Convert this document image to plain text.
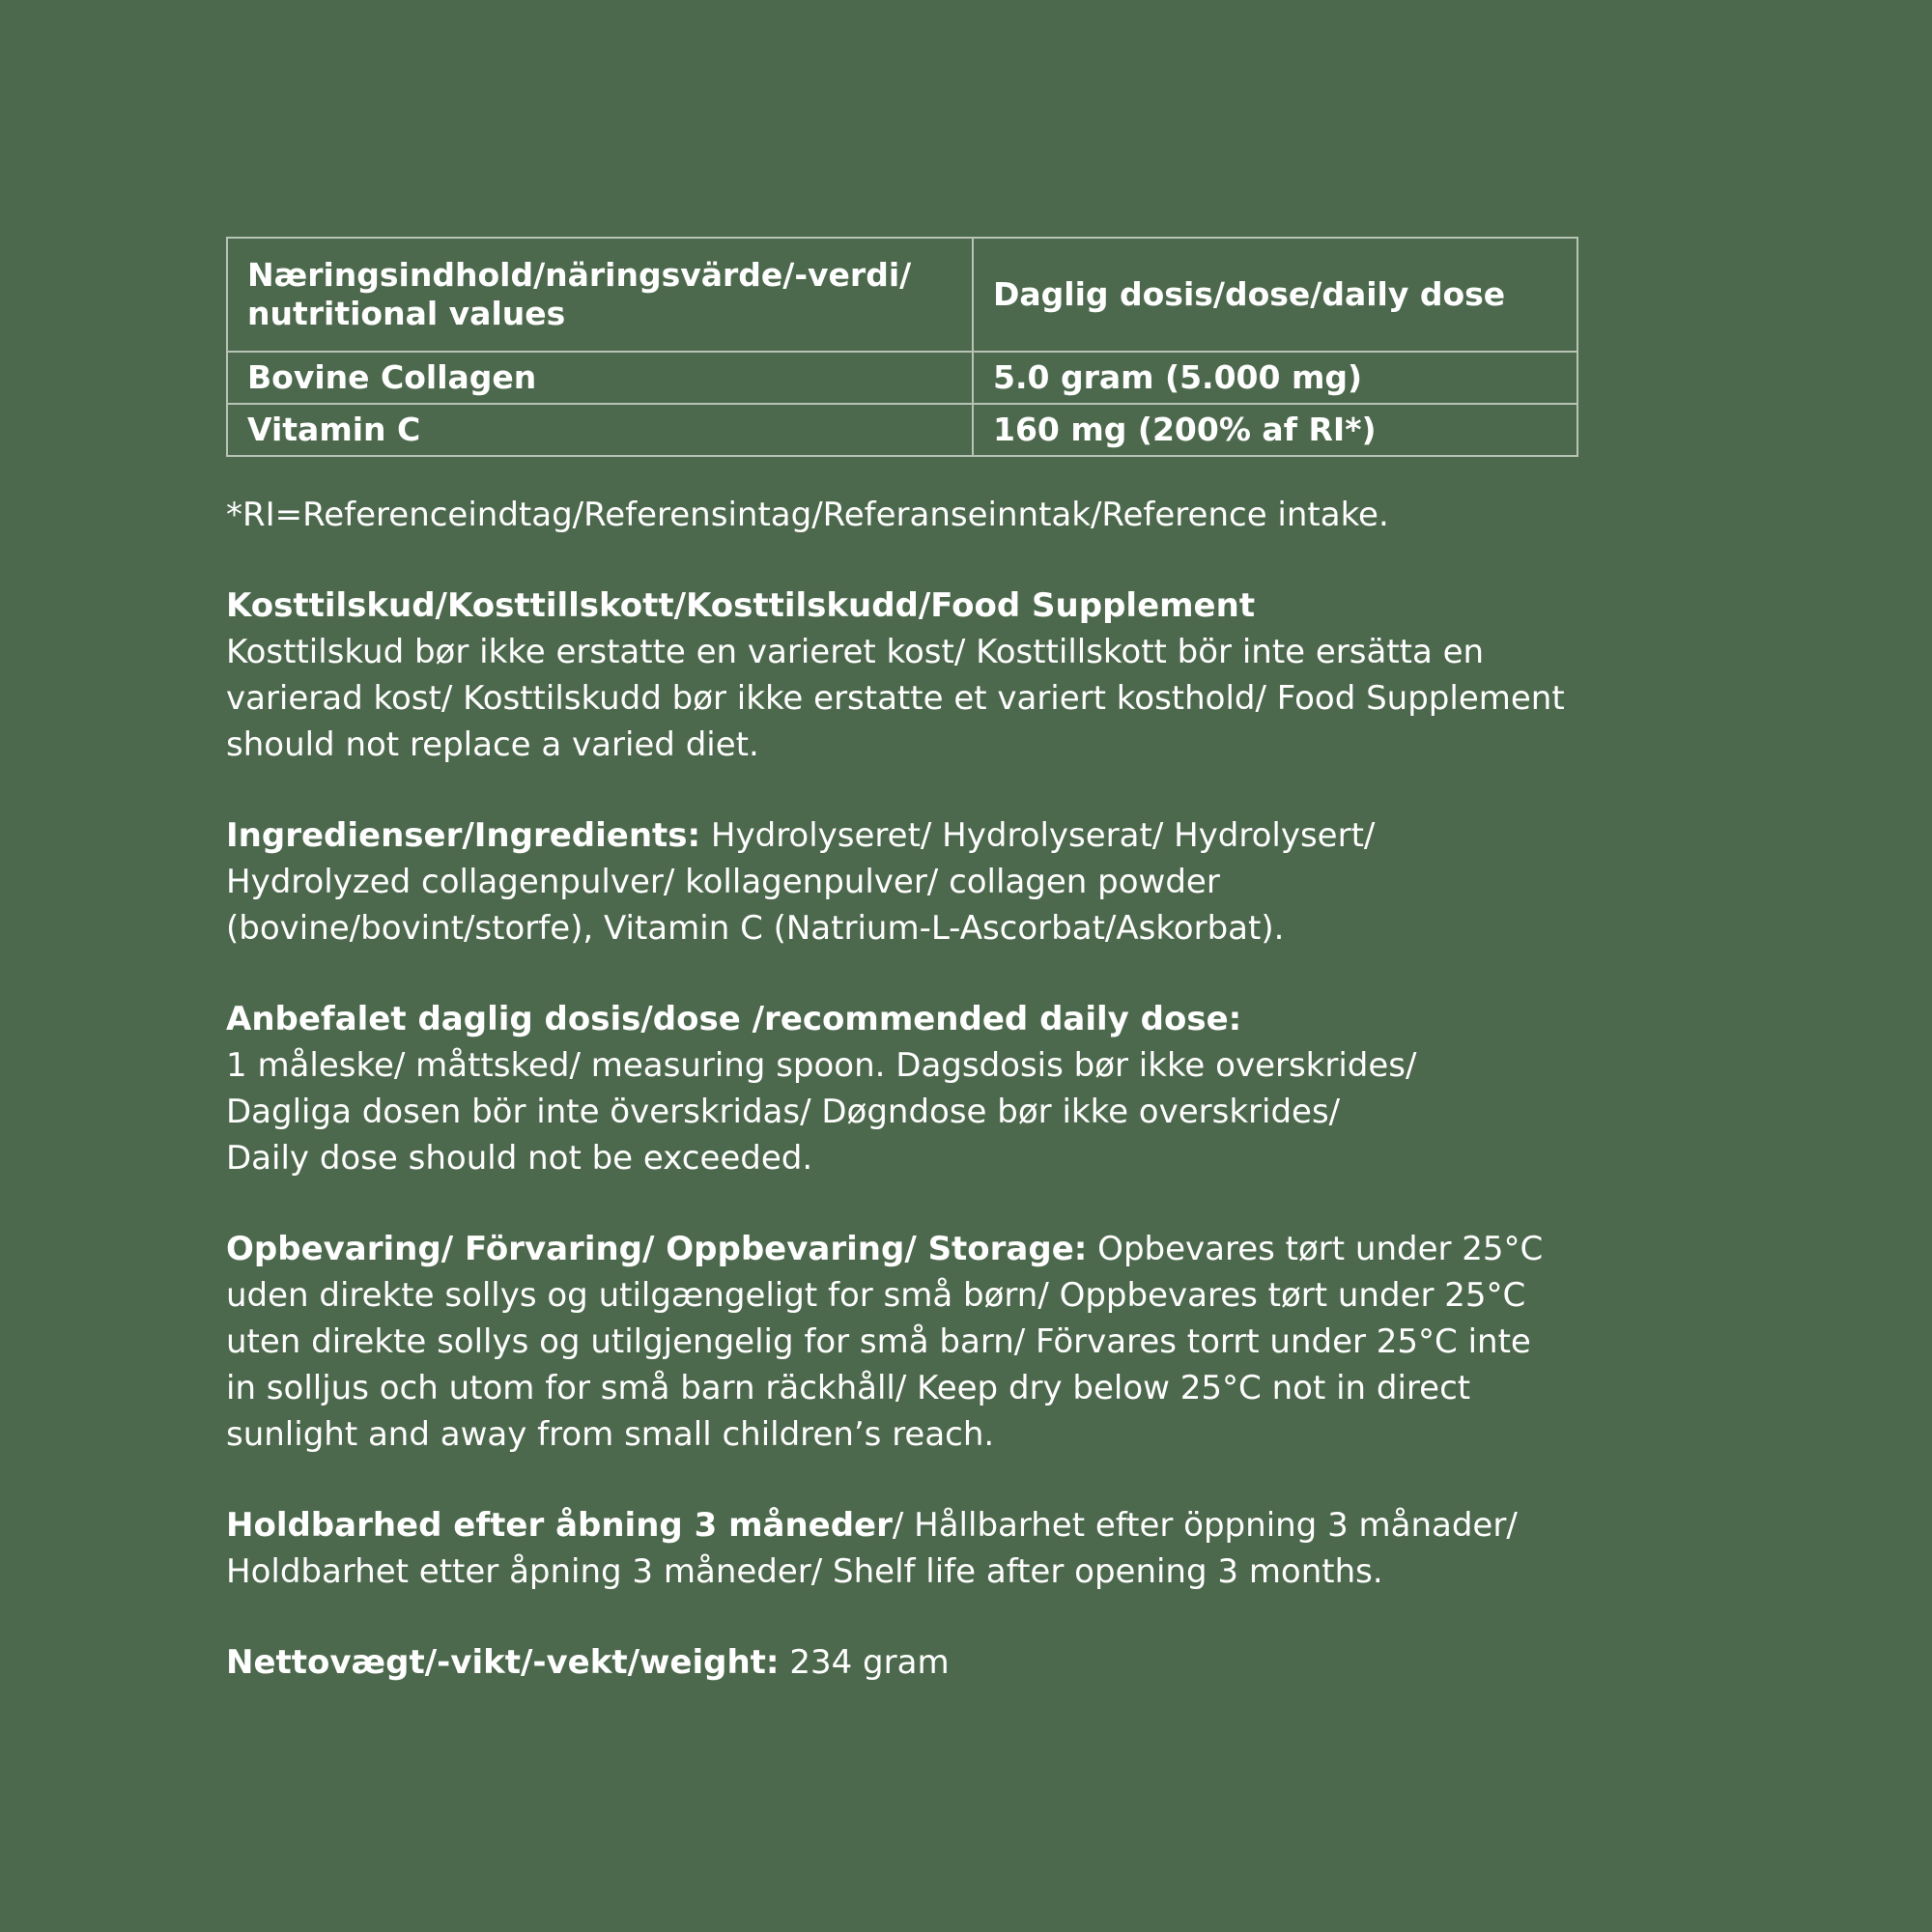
Næringsindhold/näringsvärde/-verdi/
nutritional values	Daglig dosis/dose/daily dose
Bovine Collagen	5.0 gram (5.000 mg)
Vitamin C	160 mg (200% af RI*)

*RI=Referenceindtag/Referensintag/Referanseinntak/Reference intake.

Kosttilskud/Kosttillskott/Kosttilskudd/Food Supplement
Kosttilskud bør ikke erstatte en varieret kost/ Kosttillskott bör inte ersätta en
varierad kost/ Kosttilskudd bør ikke erstatte et variert kosthold/ Food Supplement
should not replace a varied diet.
Ingredienser/Ingredients: Hydrolyseret/ Hydrolyserat/ Hydrolysert/
Hydrolyzed collagenpulver/ kollagenpulver/ collagen powder
(bovine/bovint/storfe), Vitamin C (Natrium-L-Ascorbat/Askorbat).
Anbefalet daglig dosis/dose /recommended daily dose:
1 måleske/ måttsked/ measuring spoon. Dagsdosis bør ikke overskrides/
Dagliga dosen bör inte överskridas/ Døgndose bør ikke overskrides/
Daily dose should not be exceeded.
Opbevaring/ Förvaring/ Oppbevaring/ Storage: Opbevares tørt under 25°C
uden direkte sollys og utilgængeligt for små børn/ Oppbevares tørt under 25°C
uten direkte sollys og utilgjengelig for små barn/ Förvares torrt under 25°C inte
in solljus och utom for små barn räckhåll/ Keep dry below 25°C not in direct
sunlight and away from small children’s reach.
Holdbarhed efter åbning 3 måneder/ Hållbarhet efter öppning 3 månader/
Holdbarhet etter åpning 3 måneder/ Shelf life after opening 3 months.
Nettovægt/-vikt/-vekt/weight: 234 gram
